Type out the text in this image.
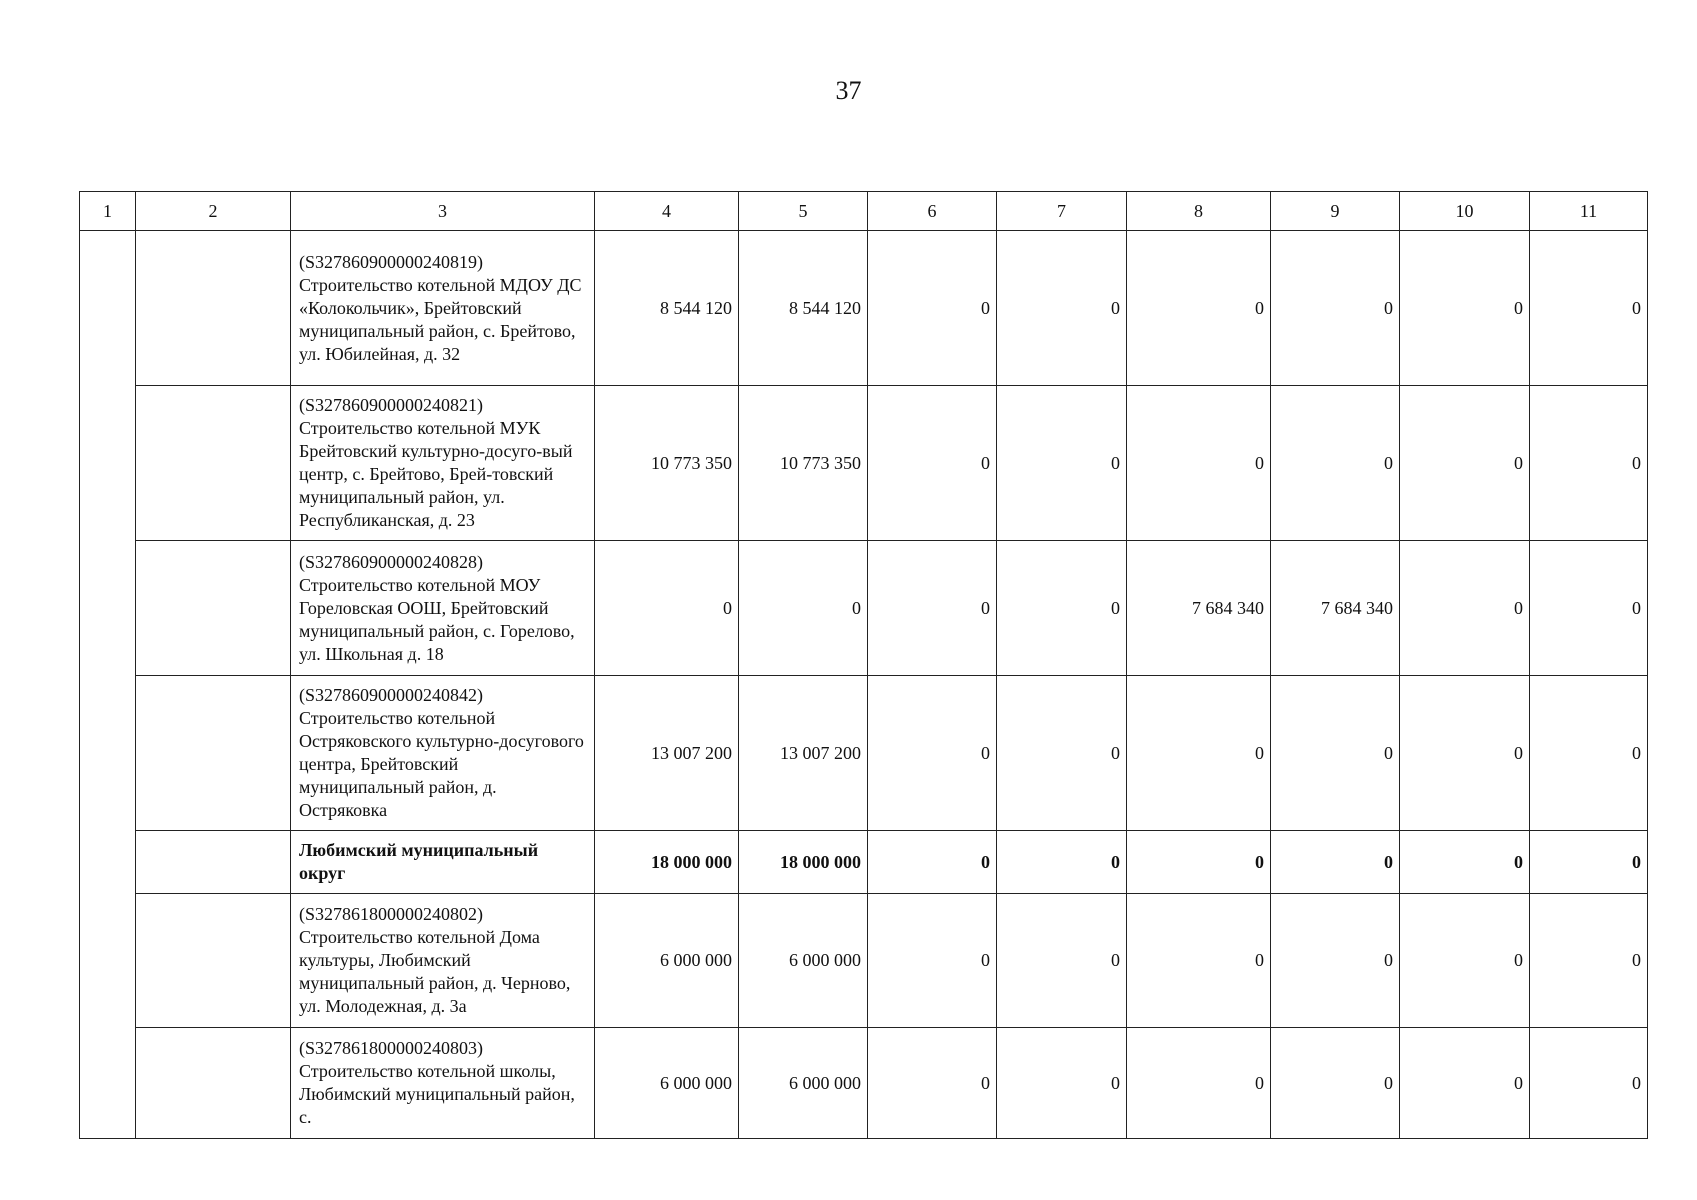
37
1	2	3	4	5	6	7	8	9	10	11
		(S327860900000240819) Строительство котельной МДОУ ДС «Колокольчик», Брейтовский муниципальный район, с. Брейтово, ул. Юбилейная, д. 32	8 544 120	8 544 120	0	0	0	0	0	0
		(S327860900000240821) Строительство котельной МУК Брейтовский культурно-досуго-вый центр, с. Брейтово, Брей-товский муниципальный район, ул. Республиканская, д. 23	10 773 350	10 773 350	0	0	0	0	0	0
		(S327860900000240828) Строительство котельной МОУ Гореловская ООШ, Брейтовский муниципальный район, с. Горелово, ул. Школьная д. 18	0	0	0	0	7 684 340	7 684 340	0	0
		(S327860900000240842) Строительство котельной Остряковского культурно-досугового центра, Брейтовский муниципальный район, д. Остряковка	13 007 200	13 007 200	0	0	0	0	0	0
		Любимский муниципальный округ	18 000 000	18 000 000	0	0	0	0	0	0
		(S327861800000240802) Строительство котельной Дома культуры, Любимский муниципальный район, д. Черново, ул. Молодежная, д. 3а	6 000 000	6 000 000	0	0	0	0	0	0
		(S327861800000240803) Строительство котельной школы, Любимский муниципальный район, с.	6 000 000	6 000 000	0	0	0	0	0	0
